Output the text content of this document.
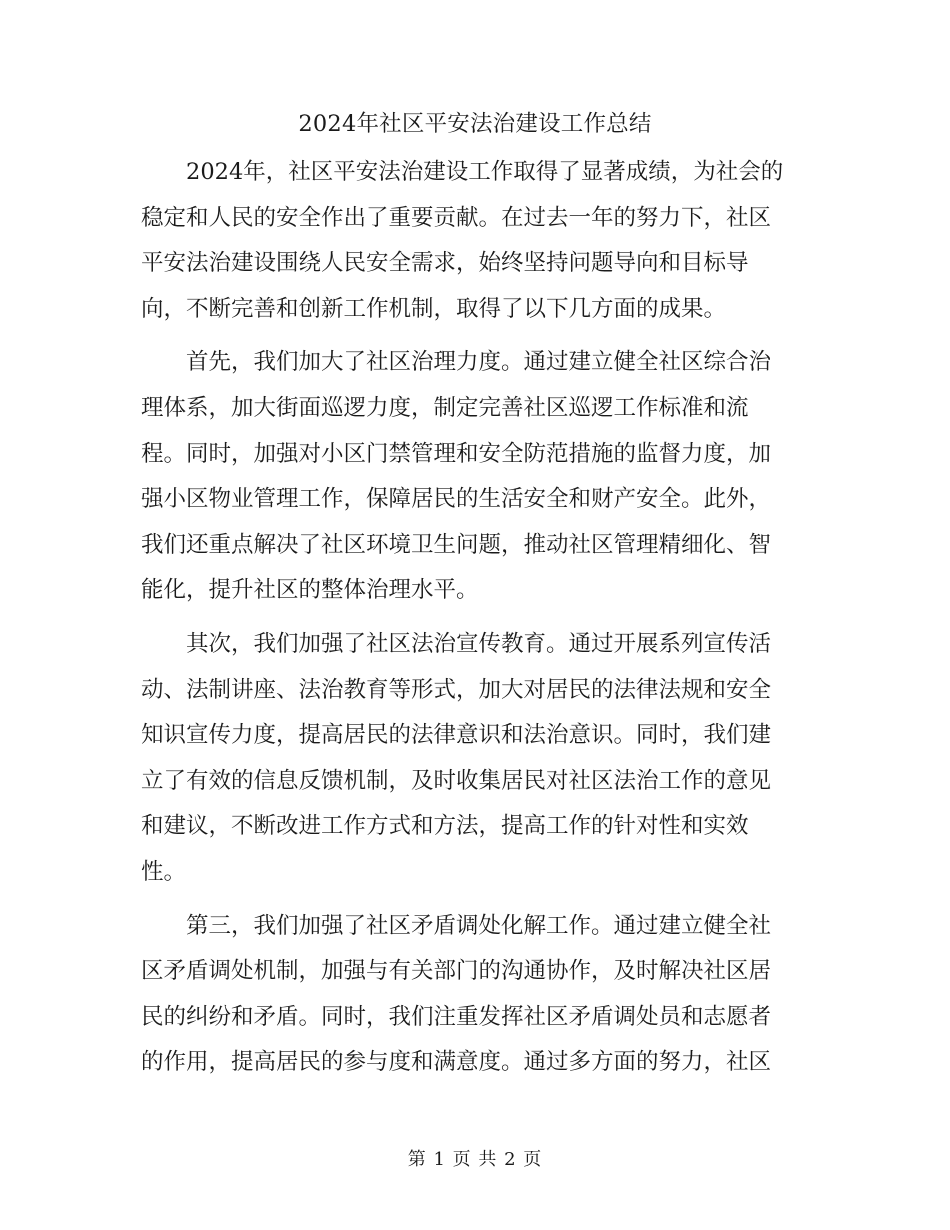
2024年社区平安法治建设工作总结
2024年，社区平安法治建设工作取得了显著成绩，为社会的
稳定和人民的安全作出了重要贡献。在过去一年的努力下，社区
平安法治建设围绕人民安全需求，始终坚持问题导向和目标导
向，不断完善和创新工作机制，取得了以下几方面的成果。
首先，我们加大了社区治理力度。通过建立健全社区综合治
理体系，加大街面巡逻力度，制定完善社区巡逻工作标准和流
程。同时，加强对小区门禁管理和安全防范措施的监督力度，加
强小区物业管理工作，保障居民的生活安全和财产安全。此外，
我们还重点解决了社区环境卫生问题，推动社区管理精细化、智
能化，提升社区的整体治理水平。
其次，我们加强了社区法治宣传教育。通过开展系列宣传活
动、法制讲座、法治教育等形式，加大对居民的法律法规和安全
知识宣传力度，提高居民的法律意识和法治意识。同时，我们建
立了有效的信息反馈机制，及时收集居民对社区法治工作的意见
和建议，不断改进工作方式和方法，提高工作的针对性和实效
性。
第三，我们加强了社区矛盾调处化解工作。通过建立健全社
区矛盾调处机制，加强与有关部门的沟通协作，及时解决社区居
民的纠纷和矛盾。同时，我们注重发挥社区矛盾调处员和志愿者
的作用，提高居民的参与度和满意度。通过多方面的努力，社区
第 1 页 共 2 页
